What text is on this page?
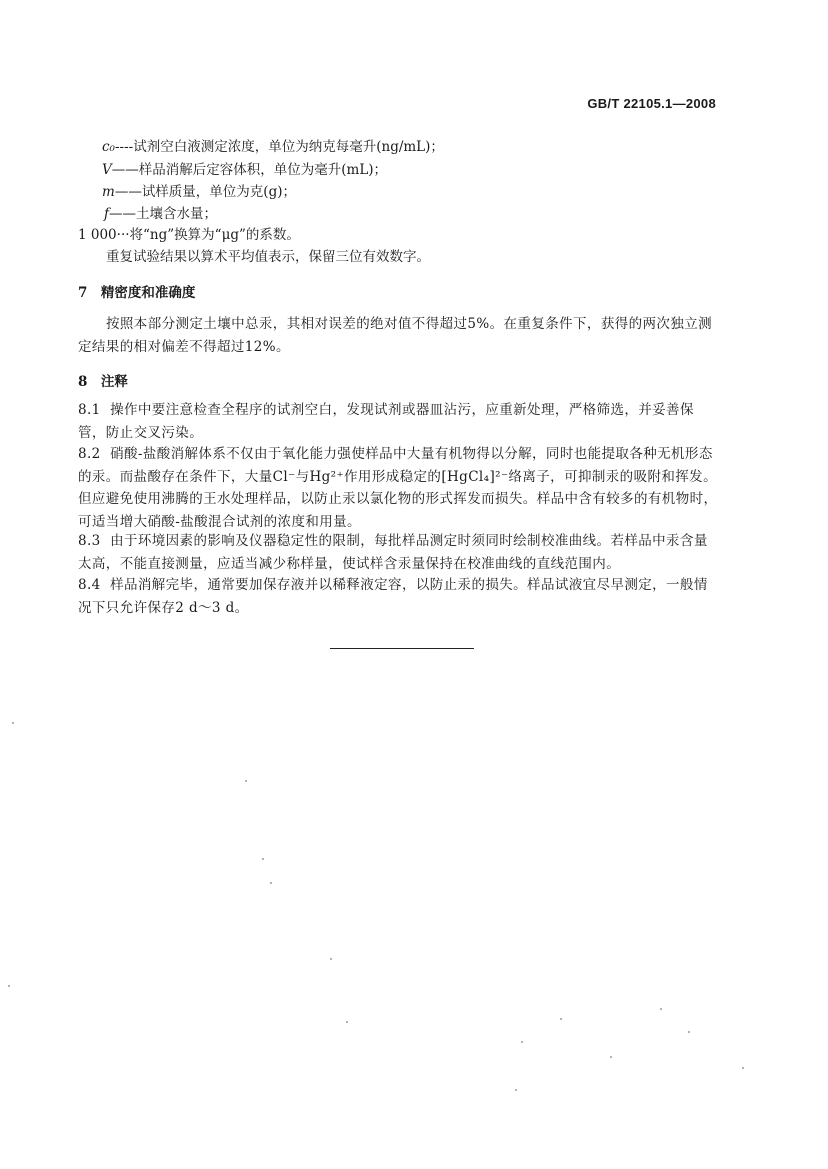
GB/T 22105.1—2008
c₀----试剂空白液测定浓度，单位为纳克每毫升(ng/mL)；
V——样品消解后定容体积，单位为毫升(mL)；
m——试样质量，单位为克(g)；
f——土壤含水量；
1 000···将“ng”换算为“μg”的系数。
重复试验结果以算术平均值表示，保留三位有效数字。
7　精密度和准确度
按照本部分测定土壤中总汞，其相对误差的绝对值不得超过5%。在重复条件下，获得的两次独立测定结果的相对偏差不得超过12%。
8　注释
8.1 操作中要注意检查全程序的试剂空白，发现试剂或器皿沾污，应重新处理，严格筛选，并妥善保管，防止交叉污染。
8.2 硝酸-盐酸消解体系不仅由于氧化能力强使样品中大量有机物得以分解，同时也能提取各种无机形态的汞。而盐酸存在条件下，大量Cl⁻与Hg²⁺作用形成稳定的[HgCl₄]²⁻络离子，可抑制汞的吸附和挥发。但应避免使用沸腾的王水处理样品，以防止汞以氯化物的形式挥发而损失。样品中含有较多的有机物时，可适当增大硝酸-盐酸混合试剂的浓度和用量。
8.3 由于环境因素的影响及仪器稳定性的限制，每批样品测定时须同时绘制校准曲线。若样品中汞含量太高，不能直接测量，应适当减少称样量，使试样含汞量保持在校准曲线的直线范围内。
8.4 样品消解完毕，通常要加保存液并以稀释液定容，以防止汞的损失。样品试液宜尽早测定，一般情况下只允许保存2 d～3 d。
